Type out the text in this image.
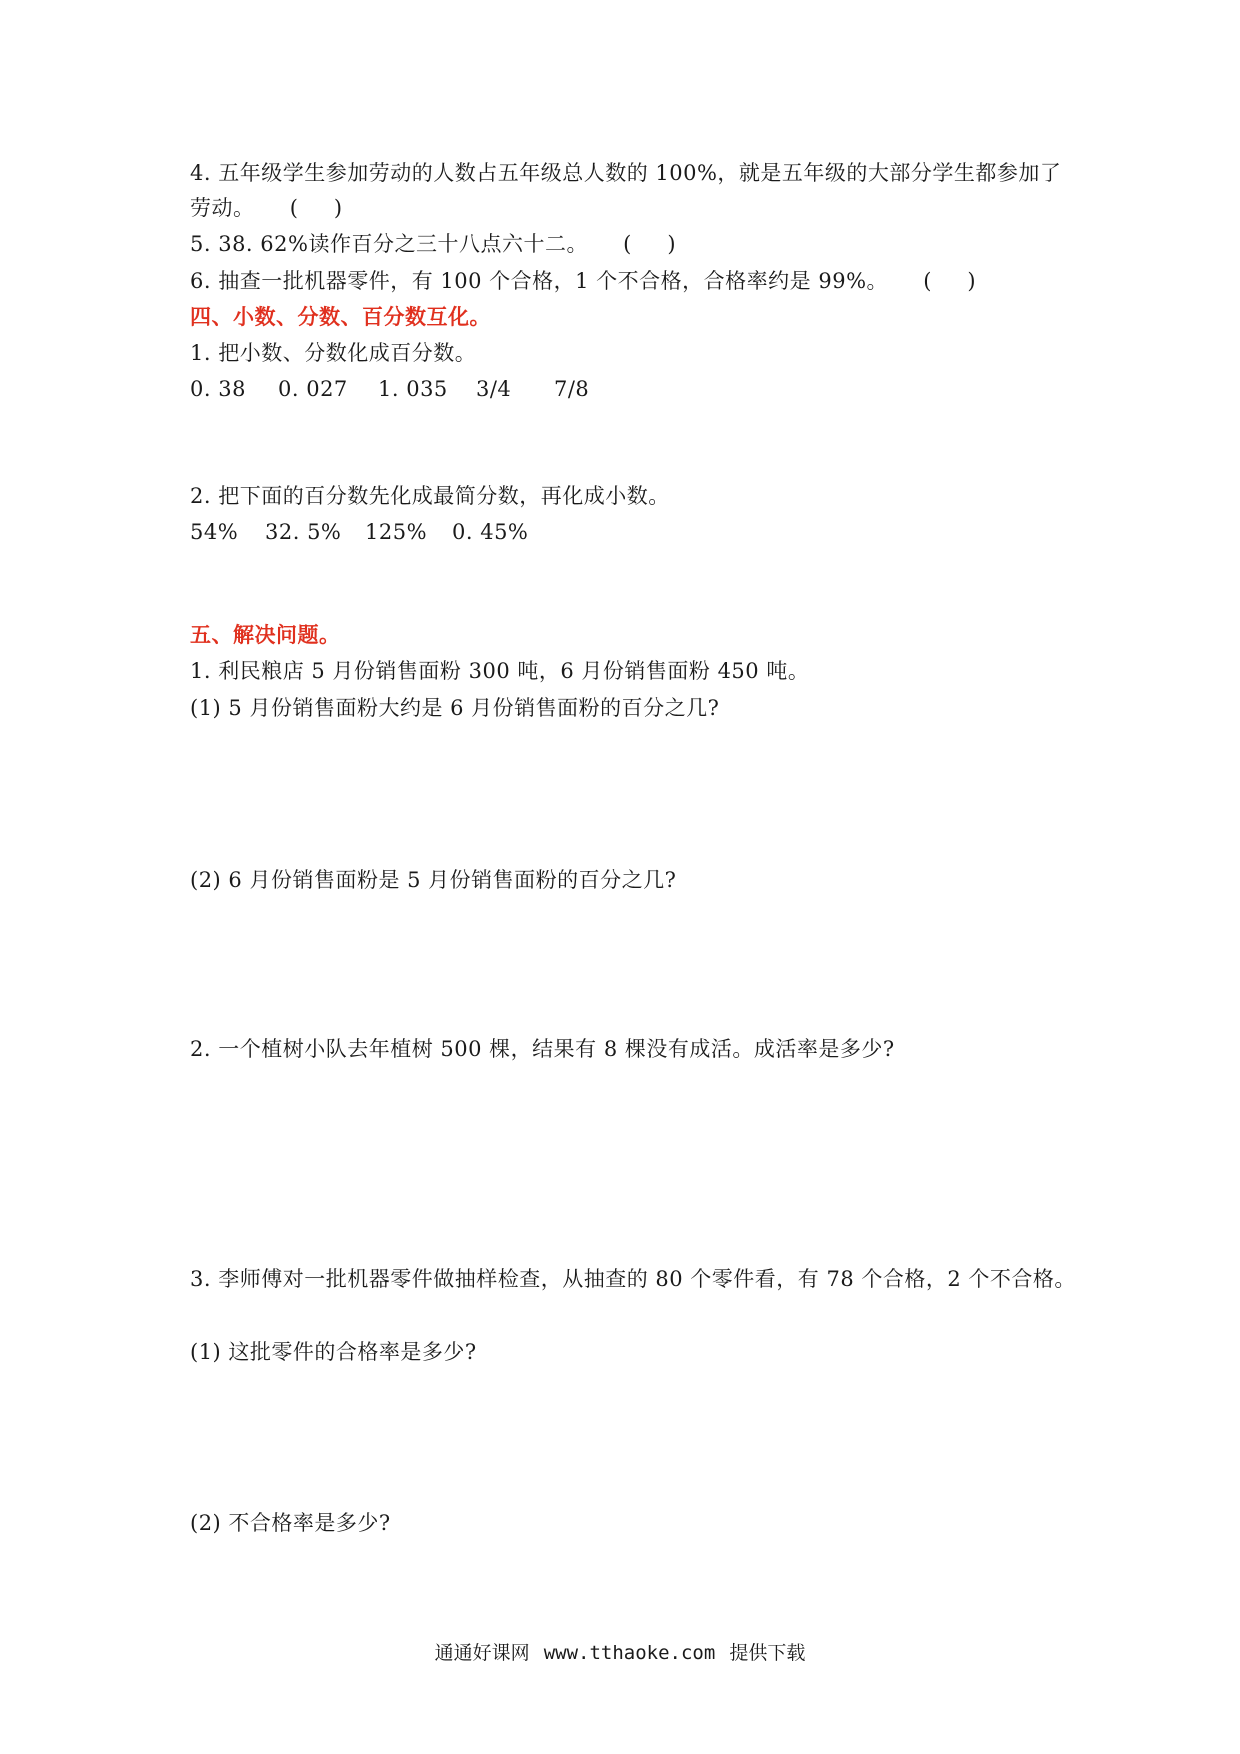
4. 五年级学生参加劳动的人数占五年级总人数的 100%，就是五年级的大部分学生都参加了
劳动。 ( )
5. 38. 62%读作百分之三十八点六十二。 ( )
6. 抽查一批机器零件，有 100 个合格，1 个不合格，合格率约是 99%。 ( )
四、小数、分数、百分数互化。
1. 把小数、分数化成百分数。
0. 38 0. 027 1. 035 3/4 7/8
2. 把下面的百分数先化成最简分数，再化成小数。
54% 32. 5% 125% 0. 45%
五、解决问题。
1. 利民粮店 5 月份销售面粉 300 吨，6 月份销售面粉 450 吨。
(1) 5 月份销售面粉大约是 6 月份销售面粉的百分之几?
(2) 6 月份销售面粉是 5 月份销售面粉的百分之几?
2. 一个植树小队去年植树 500 棵，结果有 8 棵没有成活。成活率是多少?
3. 李师傅对一批机器零件做抽样检查，从抽查的 80 个零件看，有 78 个合格，2 个不合格。
(1) 这批零件的合格率是多少?
(2) 不合格率是多少?
通通好课网 www.tthaoke.com 提供下载
